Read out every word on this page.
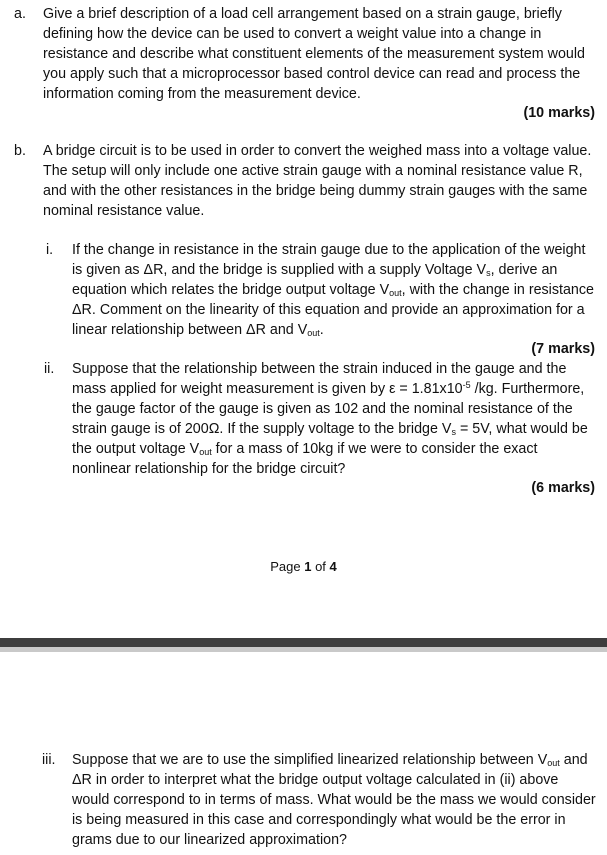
a. Give a brief description of a load cell arrangement based on a strain gauge, briefly defining how the device can be used to convert a weight value into a change in resistance and describe what constituent elements of the measurement system would you apply such that a microprocessor based control device can read and process the information coming from the measurement device.
(10 marks)
b. A bridge circuit is to be used in order to convert the weighed mass into a voltage value. The setup will only include one active strain gauge with a nominal resistance value R, and with the other resistances in the bridge being dummy strain gauges with the same nominal resistance value.
i. If the change in resistance in the strain gauge due to the application of the weight is given as ΔR, and the bridge is supplied with a supply Voltage $V_s$, derive an equation which relates the bridge output voltage $V_{out}$, with the change in resistance ΔR. Comment on the linearity of this equation and provide an approximation for a linear relationship between ΔR and $V_{out}$.
(7 marks)
ii. Suppose that the relationship between the strain induced in the gauge and the mass applied for weight measurement is given by $\varepsilon = 1.81x10^{-5}$ /kg. Furthermore, the gauge factor of the gauge is given as 102 and the nominal resistance of the strain gauge is of 200Ω. If the supply voltage to the bridge $V_s = 5V$, what would be the output voltage $V_{out}$ for a mass of 10kg if we were to consider the exact nonlinear relationship for the bridge circuit?
(6 marks)
Page 1 of 4
iii. Suppose that we are to use the simplified linearized relationship between $V_{out}$ and ΔR in order to interpret what the bridge output voltage calculated in (ii) above would correspond to in terms of mass. What would be the mass we would consider is being measured in this case and correspondingly what would be the error in grams due to our linearized approximation?
